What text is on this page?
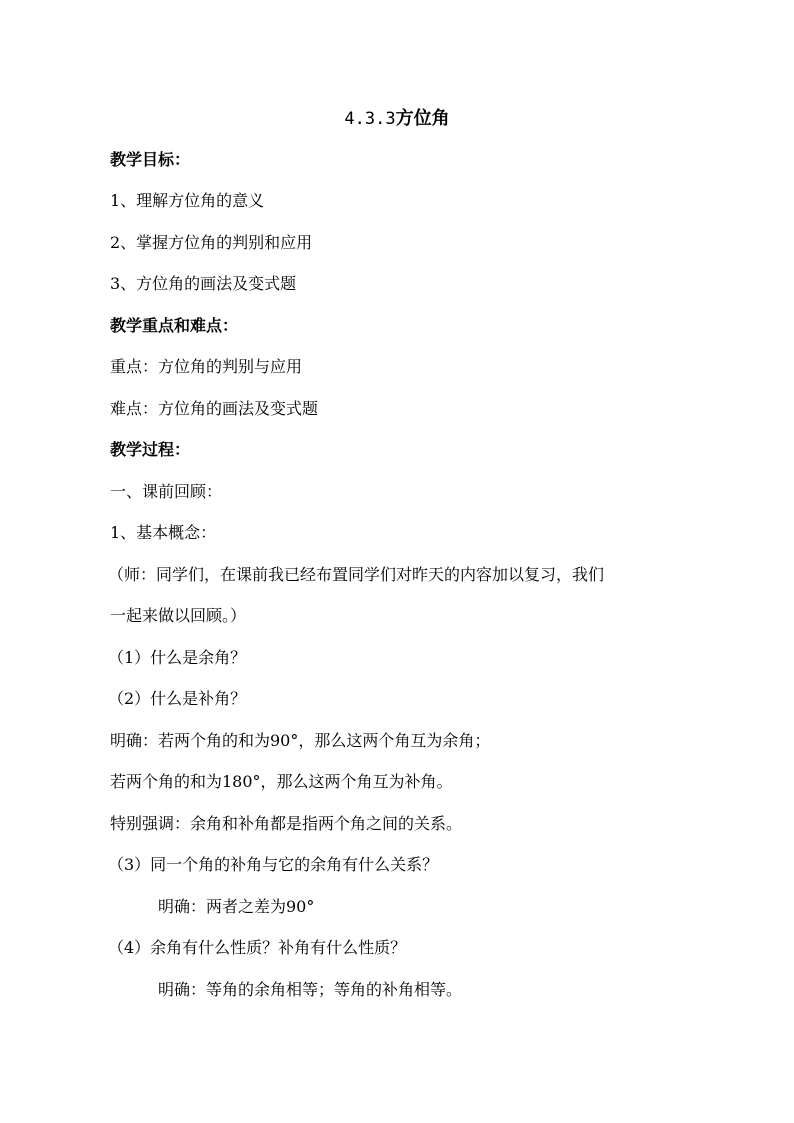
4.3.3方位角
教学目标：
1、理解方位角的意义
2、掌握方位角的判别和应用
3、方位角的画法及变式题
教学重点和难点：
重点：方位角的判别与应用
难点：方位角的画法及变式题
教学过程：
一、课前回顾：
1、基本概念：
（师：同学们，在课前我已经布置同学们对昨天的内容加以复习，我们
一起来做以回顾。）
（1）什么是余角？
（2）什么是补角？
明确：若两个角的和为90°，那么这两个角互为余角；
若两个角的和为180°，那么这两个角互为补角。
特别强调：余角和补角都是指两个角之间的关系。
（3）同一个角的补角与它的余角有什么关系？
明确：两者之差为90°
（4）余角有什么性质？补角有什么性质？
明确：等角的余角相等；等角的补角相等。
